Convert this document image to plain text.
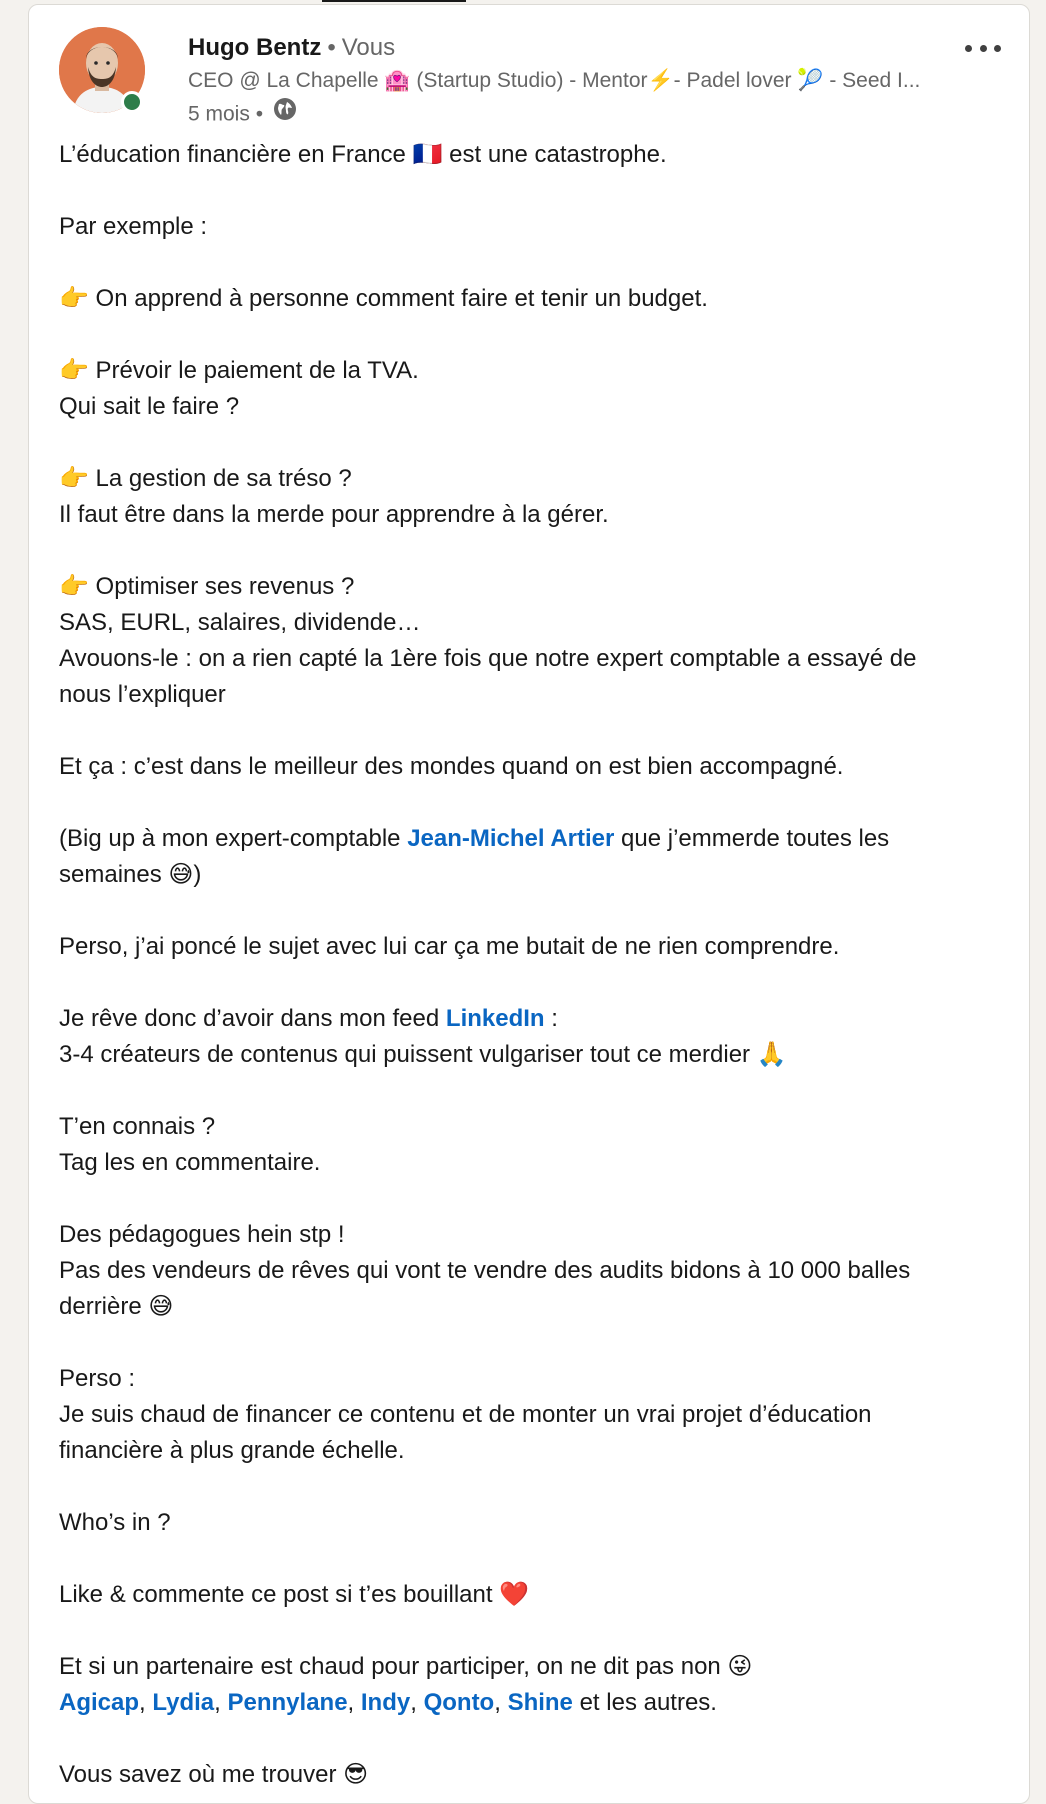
Hugo Bentz • Vous
CEO @ La Chapelle 🏩 (Startup Studio) - Mentor⚡️- Padel lover 🎾 - Seed I...
5 mois •
L’éducation financière en France 🇫🇷 est une catastrophe.
Par exemple :
👉 On apprend à personne comment faire et tenir un budget.
👉 Prévoir le paiement de la TVA.
Qui sait le faire ?
👉 La gestion de sa tréso ?
Il faut être dans la merde pour apprendre à la gérer.
👉 Optimiser ses revenus ?
SAS, EURL, salaires, dividende…
Avouons-le : on a rien capté la 1ère fois que notre expert comptable a essayé de
nous l’expliquer
Et ça : c’est dans le meilleur des mondes quand on est bien accompagné.
(Big up à mon expert-comptable Jean-Michel Artier que j’emmerde toutes les
semaines 😅)
Perso, j’ai poncé le sujet avec lui car ça me butait de ne rien comprendre.
Je rêve donc d’avoir dans mon feed LinkedIn :
3-4 créateurs de contenus qui puissent vulgariser tout ce merdier 🙏
T’en connais ?
Tag les en commentaire.
Des pédagogues hein stp !
Pas des vendeurs de rêves qui vont te vendre des audits bidons à 10 000 balles
derrière 😅
Perso :
Je suis chaud de financer ce contenu et de monter un vrai projet d’éducation
financière à plus grande échelle.
Who’s in ?
Like & commente ce post si t’es bouillant ❤️
Et si un partenaire est chaud pour participer, on ne dit pas non 😜
Agicap, Lydia, Pennylane, Indy, Qonto, Shine et les autres.
Vous savez où me trouver 😎
